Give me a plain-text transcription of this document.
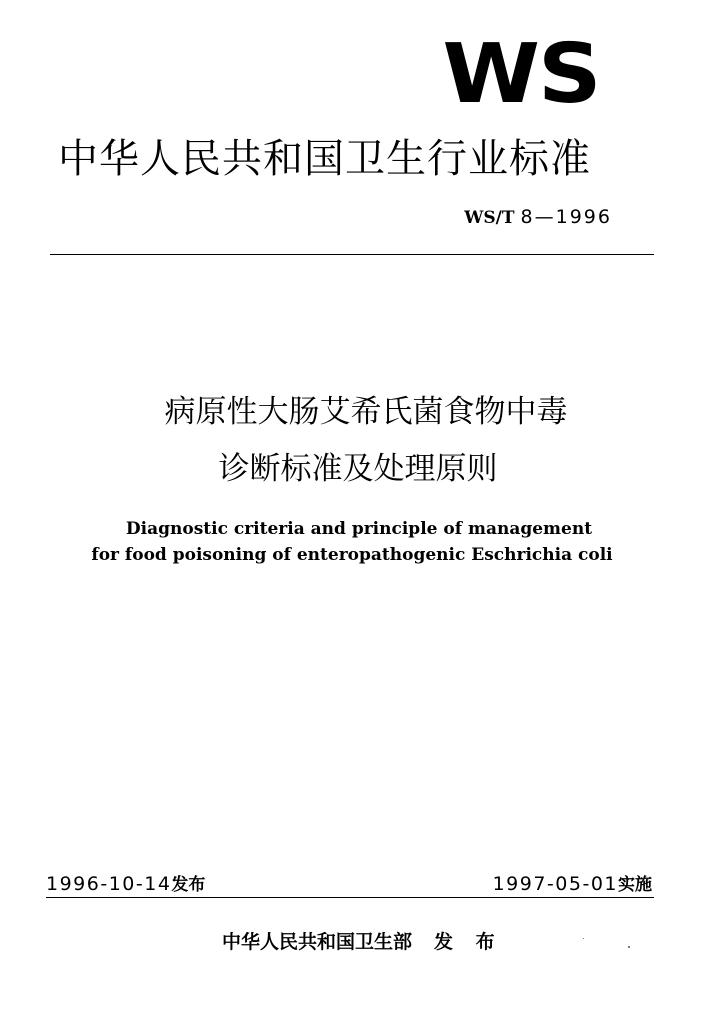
WS
中华人民共和国卫生行业标准
WS/T 8—1996
病原性大肠艾希氏菌食物中毒
诊断标准及处理原则
Diagnostic criteria and principle of management
for food poisoning of enteropathogenic Eschrichia coli
1996-10-14发布	1997-05-01实施
中华人民共和国卫生部 发 布
